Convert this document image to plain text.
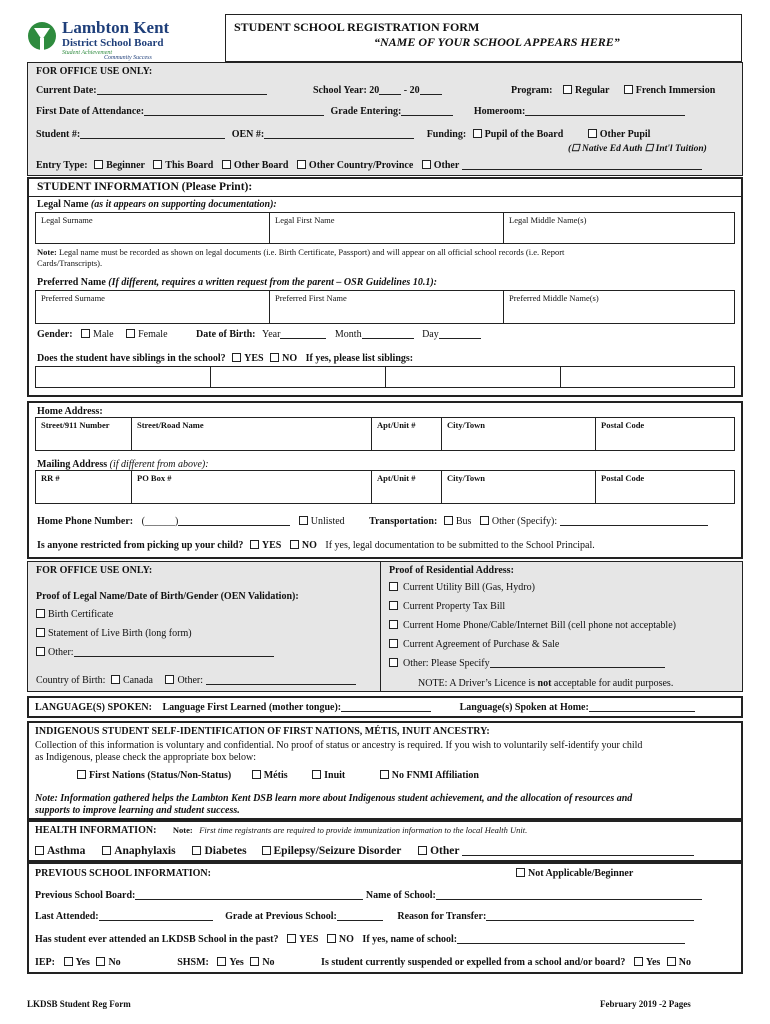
Lambton Kent
District School Board
Student Achievement
Community Success
STUDENT SCHOOL REGISTRATION FORM
“NAME OF YOUR SCHOOL APPEARS HERE”
FOR OFFICE USE ONLY:
Current Date:	School Year: 20 - 20	Program: Regular	French Immersion
First Date of Attendance:	Grade Entering:	Homeroom:
Student #:	OEN #:	Funding: Pupil of the Board	Other Pupil
(☐ Native Ed Auth ☐ Int'l Tuition)
Entry Type: Beginner This Board Other Board Other Country/Province Other
STUDENT INFORMATION (Please Print):
Legal Name (as it appears on supporting documentation):
Legal Surname	Legal First Name	Legal Middle Name(s)
Note: Legal name must be recorded as shown on legal documents (i.e. Birth Certificate, Passport) and will appear on all official school records (i.e. Report
Cards/Transcripts).
Preferred Name (If different, requires a written request from the parent – OSR Guidelines 10.1):
Preferred Surname	Preferred First Name	Preferred Middle Name(s)
Gender: Male Female	Date of Birth: Year	Month	Day
Does the student have siblings in the school? YES NO If yes, please list siblings:
Home Address:
Street/911 Number	Street/Road Name	Apt/Unit #	City/Town	Postal Code
Mailing Address (if different from above):
RR #	PO Box #	Apt/Unit #	City/Town	Postal Code
Home Phone Number: (______)	Unlisted Transportation: Bus Other (Specify):
Is anyone restricted from picking up your child? YES NO If yes, legal documentation to be submitted to the School Principal.
FOR OFFICE USE ONLY:
Proof of Legal Name/Date of Birth/Gender (OEN Validation):
Birth Certificate
Statement of Live Birth (long form)
Other:
Country of Birth: Canada Other:
Proof of Residential Address:
Current Utility Bill (Gas, Hydro)
Current Property Tax Bill
Current Home Phone/Cable/Internet Bill (cell phone not acceptable)
Current Agreement of Purchase & Sale
Other: Please Specify
NOTE: A Driver’s Licence is not acceptable for audit purposes.
LANGUAGE(S) SPOKEN: Language First Learned (mother tongue):	Language(s) Spoken at Home:
INDIGENOUS STUDENT SELF-IDENTIFICATION OF FIRST NATIONS, MÉTIS, INUIT ANCESTRY:
Collection of this information is voluntary and confidential. No proof of status or ancestry is required. If you wish to voluntarily self-identify your child
as Indigenous, please check the appropriate box below:
First Nations (Status/Non-Status)	Métis	Inuit	No FNMI Affiliation
Note: Information gathered helps the Lambton Kent DSB learn more about Indigenous student achievement, and the allocation of resources and
supports to improve learning and student success.
HEALTH INFORMATION: Note: First time registrants are required to provide immunization information to the local Health Unit.
Asthma	Anaphylaxis	Diabetes Epilepsy/Seizure Disorder	Other
PREVIOUS SCHOOL INFORMATION:	Not Applicable/Beginner
Previous School Board:	Name of School:
Last Attended:	Grade at Previous School:	Reason for Transfer:
Has student ever attended an LKDSB School in the past? YES NO If yes, name of school:
IEP: Yes No	SHSM: Yes No	Is student currently suspended or expelled from a school and/or board? Yes No
LKDSB Student Reg Form	February 2019 -2 Pages
